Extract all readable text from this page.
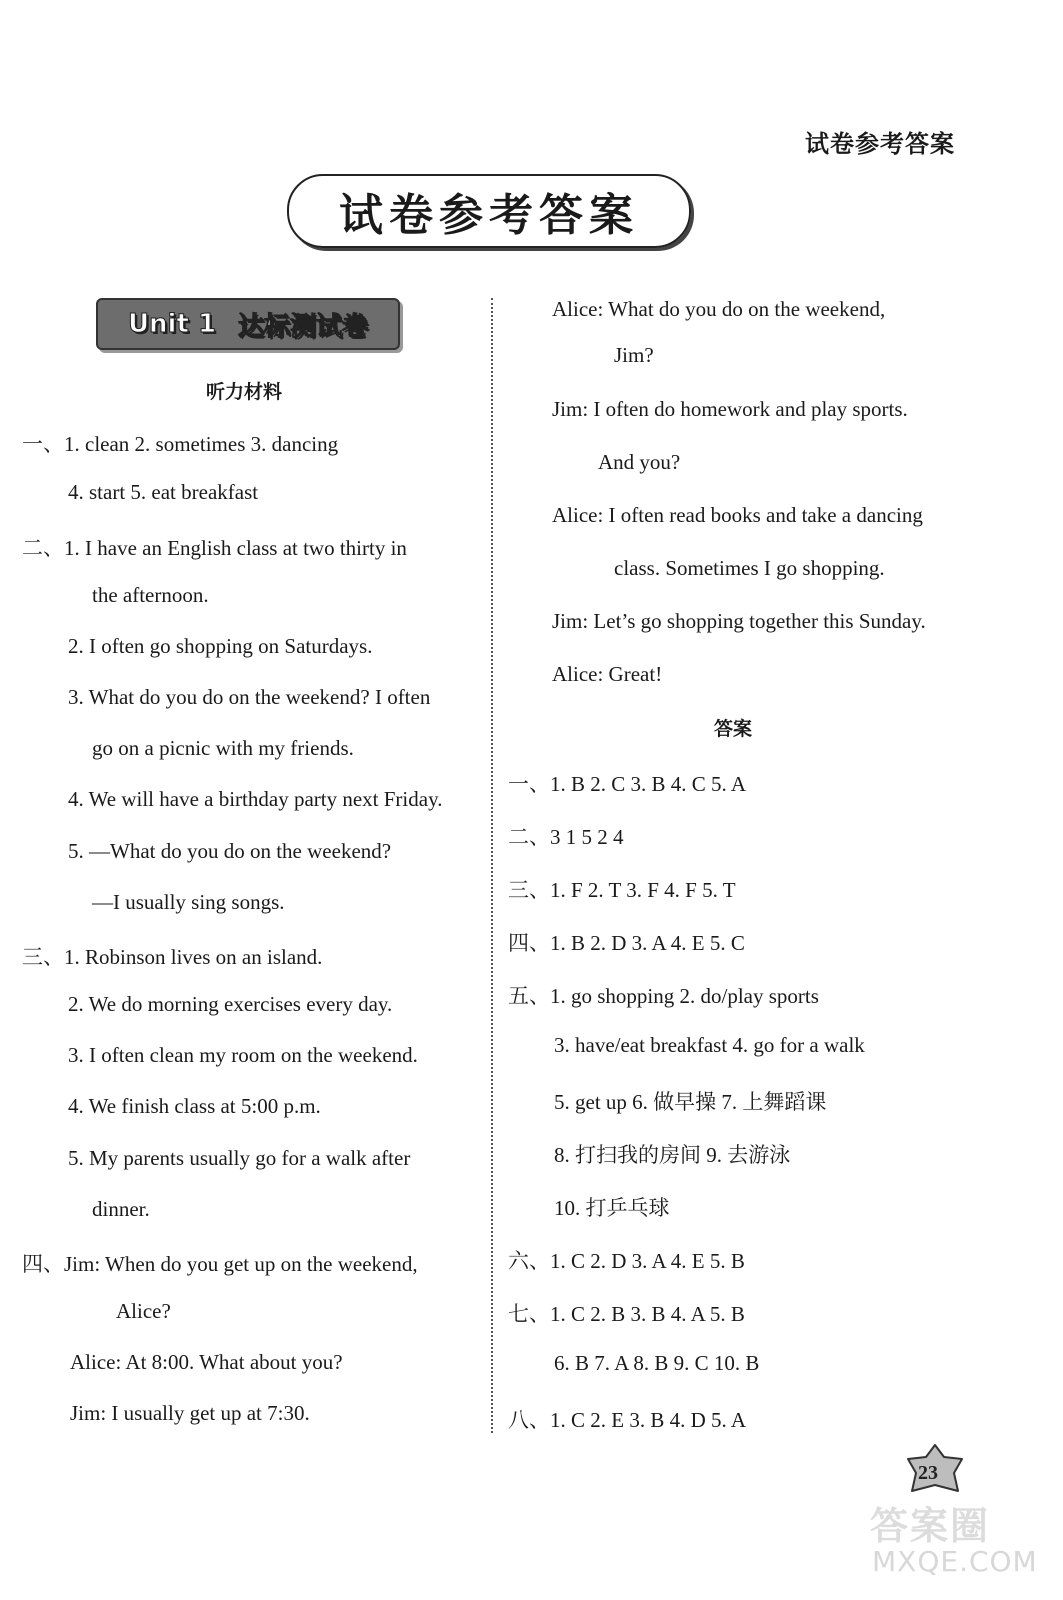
试卷参考答案
试卷参考答案
Unit 1 达标测试卷
听力材料
一、1. clean 2. sometimes 3. dancing
4. start 5. eat breakfast
二、1. I have an English class at two thirty in
the afternoon.
2. I often go shopping on Saturdays.
3. What do you do on the weekend? I often
go on a picnic with my friends.
4. We will have a birthday party next Friday.
5. —What do you do on the weekend?
—I usually sing songs.
三、1. Robinson lives on an island.
2. We do morning exercises every day.
3. I often clean my room on the weekend.
4. We finish class at 5:00 p.m.
5. My parents usually go for a walk after
dinner.
四、Jim: When do you get up on the weekend,
Alice?
Alice: At 8:00. What about you?
Jim: I usually get up at 7:30.
Alice: What do you do on the weekend,
Jim?
Jim: I often do homework and play sports.
And you?
Alice: I often read books and take a dancing
class. Sometimes I go shopping.
Jim: Let’s go shopping together this Sunday.
Alice: Great!
答案
一、1. B 2. C 3. B 4. C 5. A
二、3 1 5 2 4
三、1. F 2. T 3. F 4. F 5. T
四、1. B 2. D 3. A 4. E 5. C
五、1. go shopping 2. do/play sports
3. have/eat breakfast 4. go for a walk
5. get up 6. 做早操 7. 上舞蹈课
8. 打扫我的房间 9. 去游泳
10. 打乒乓球
六、1. C 2. D 3. A 4. E 5. B
七、1. C 2. B 3. B 4. A 5. B
6. B 7. A 8. B 9. C 10. B
八、1. C 2. E 3. B 4. D 5. A
23
答案圈
MXQE.COM
